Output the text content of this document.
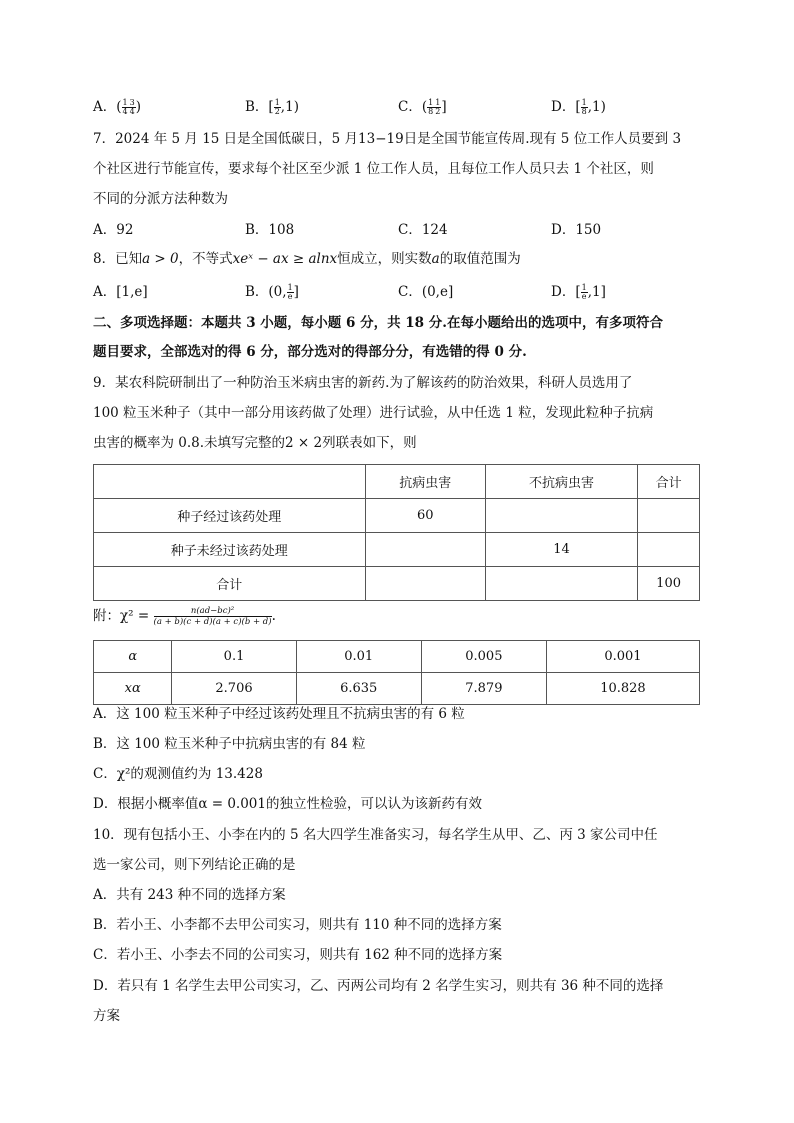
A．( $\frac{1}{4} \frac{3}{4}$ )	B．[ $\frac{1}{2} ,1$)	C．( $\frac{1}{8} \frac{1}{2}$ ]	D．[ $\frac{1}{8} ,1$)
7．2024 年 5 月 15 日是全国低碳日，5 月13−19日是全国节能宣传周.现有 5 位工作人员要到 3
个社区进行节能宣传，要求每个社区至少派 1 位工作人员，且每位工作人员只去 1 个社区，则
不同的分派方法种数为
A．92	B．108	C．124	D．150
8．已知a > 0，不等式xeˣ − ax ≥ alnx恒成立，则实数a的取值范围为
A．[1,e]	B．(0, $\frac{1}{e}$ ]	C．(0,e]	D．[ $\frac{1}{e} ,1$]
二、多项选择题：本题共 3 小题，每小题 6 分，共 18 分.在每小题给出的选项中，有多项符合
题目要求，全部选对的得 6 分，部分选对的得部分分，有选错的得 0 分.
9．某农科院研制出了一种防治玉米病虫害的新药.为了解该药的防治效果，科研人员选用了
100 粒玉米种子（其中一部分用该药做了处理）进行试验，从中任选 1 粒，发现此粒种子抗病
虫害的概率为 0.8.未填写完整的2 × 2列联表如下，则
	抗病虫害	不抗病虫害	合计
种子经过该药处理	60		
种子未经过该药处理		14	
合计			100
附：$\chi^2 = \frac{\text{n(ad−bc)²}}{(a + b)(c + d)(a + c)(b + d)}$.
α	0.1	0.01	0.005	0.001
xα	2.706	6.635	7.879	10.828
A．这 100 粒玉米种子中经过该药处理且不抗病虫害的有 6 粒
B．这 100 粒玉米种子中抗病虫害的有 84 粒
C．χ²的观测值约为 13.428
D．根据小概率值α = 0.001的独立性检验，可以认为该新药有效
10．现有包括小王、小李在内的 5 名大四学生准备实习，每名学生从甲、乙、丙 3 家公司中任
选一家公司，则下列结论正确的是
A．共有 243 种不同的选择方案
B．若小王、小李都不去甲公司实习，则共有 110 种不同的选择方案
C．若小王、小李去不同的公司实习，则共有 162 种不同的选择方案
D．若只有 1 名学生去甲公司实习，乙、丙两公司均有 2 名学生实习，则共有 36 种不同的选择
方案
